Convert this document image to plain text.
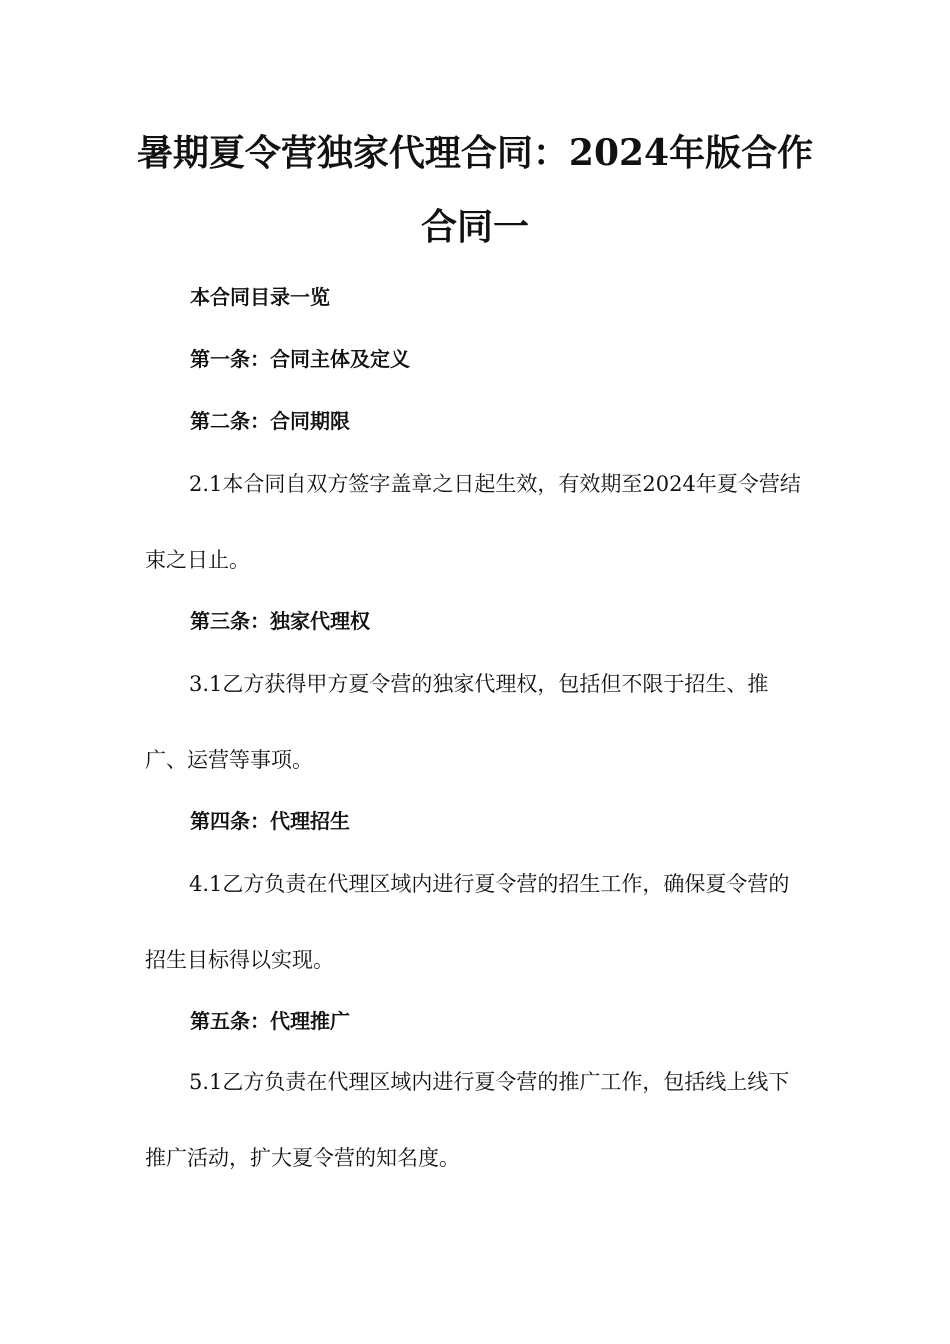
暑期夏令营独家代理合同：2024年版合作
合同一
本合同目录一览
第一条：合同主体及定义
第二条：合同期限

2.1本合同自双方签字盖章之日起生效，有效期至2024年夏令营结束之日止。

第三条：独家代理权

3.1乙方获得甲方夏令营的独家代理权，包括但不限于招生、推广、运营等事项。

第四条：代理招生

4.1乙方负责在代理区域内进行夏令营的招生工作，确保夏令营的招生目标得以实现。

第五条：代理推广

5.1乙方负责在代理区域内进行夏令营的推广工作，包括线上线下推广活动，扩大夏令营的知名度。
